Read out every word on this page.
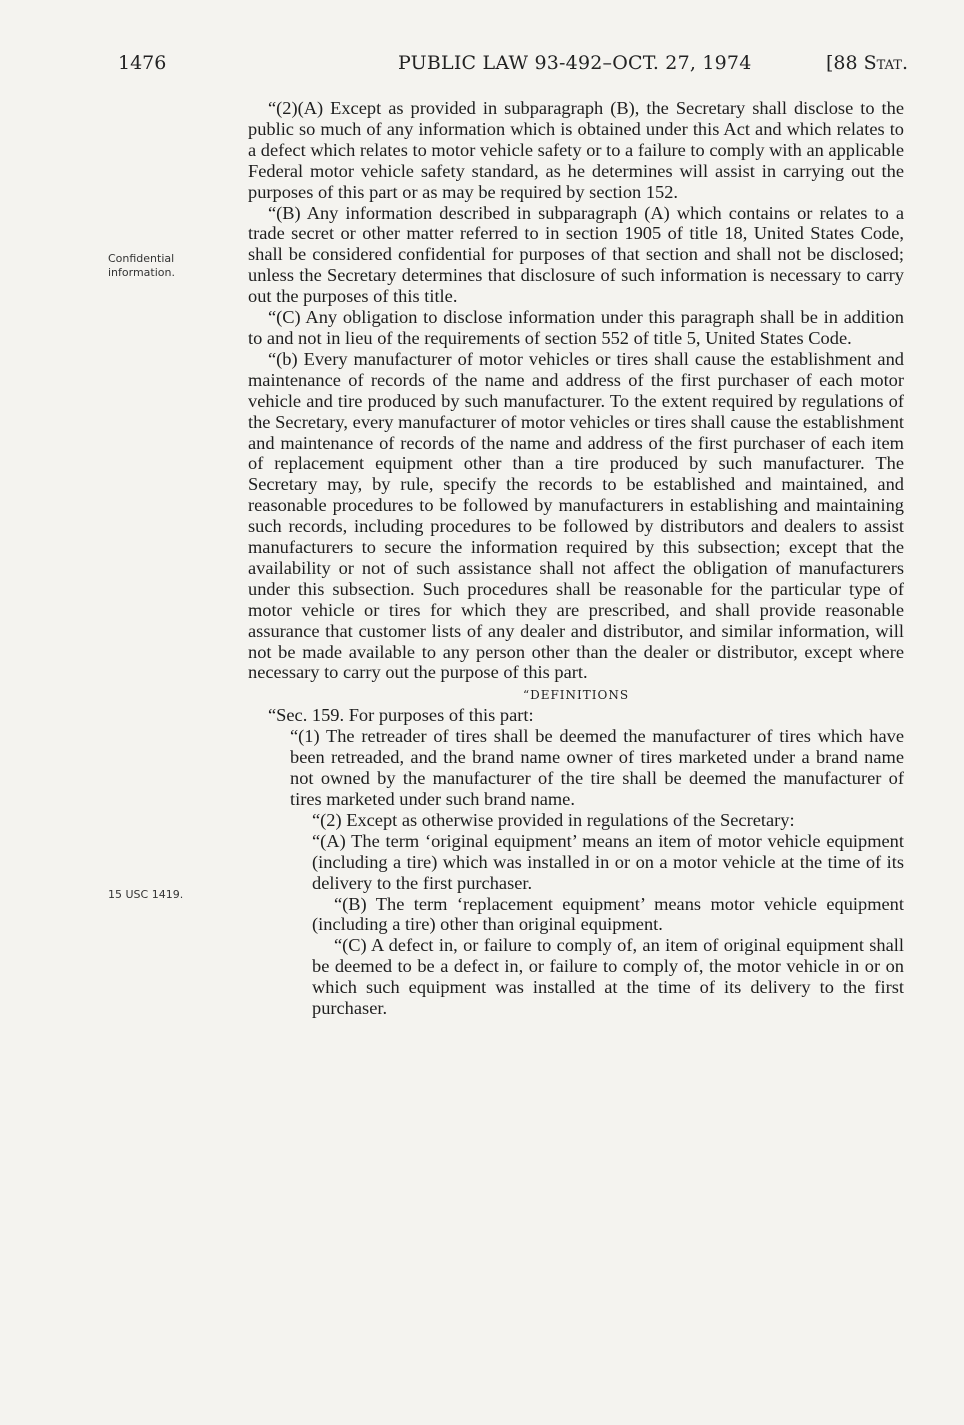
1476	PUBLIC LAW 93-492–OCT. 27, 1974	[88 Stat.
Confidential information.
15 USC 1419.

“(2)(A) Except as provided in subparagraph (B), the Secretary shall disclose to the public so much of any information which is obtained under this Act and which relates to a defect which relates to motor vehicle safety or to a failure to comply with an applicable Federal motor vehicle safety standard, as he determines will assist in carrying out the purposes of this part or as may be required by section 152.

“(B) Any information described in subparagraph (A) which contains or relates to a trade secret or other matter referred to in section 1905 of title 18, United States Code, shall be considered confidential for purposes of that section and shall not be disclosed; unless the Secretary determines that disclosure of such information is necessary to carry out the purposes of this title.

“(C) Any obligation to disclose information under this paragraph shall be in addition to and not in lieu of the requirements of section 552 of title 5, United States Code.

“(b) Every manufacturer of motor vehicles or tires shall cause the establishment and maintenance of records of the name and address of the first purchaser of each motor vehicle and tire produced by such manufacturer. To the extent required by regulations of the Secretary, every manufacturer of motor vehicles or tires shall cause the establishment and maintenance of records of the name and address of the first purchaser of each item of replacement equipment other than a tire produced by such manufacturer. The Secretary may, by rule, specify the records to be established and maintained, and reasonable procedures to be followed by manufacturers in establishing and maintaining such records, including procedures to be followed by distributors and dealers to assist manufacturers to secure the information required by this subsection; except that the availability or not of such assistance shall not affect the obligation of manufacturers under this subsection. Such procedures shall be reasonable for the particular type of motor vehicle or tires for which they are prescribed, and shall provide reasonable assurance that customer lists of any dealer and distributor, and similar information, will not be made available to any person other than the dealer or distributor, except where necessary to carry out the purpose of this part.

“DEFINITIONS

“Sec. 159. For purposes of this part:

“(1) The retreader of tires shall be deemed the manufacturer of tires which have been retreaded, and the brand name owner of tires marketed under a brand name not owned by the manufacturer of the tire shall be deemed the manufacturer of tires marketed under such brand name.

“(2) Except as otherwise provided in regulations of the Secretary:

“(A) The term ‘original equipment’ means an item of motor vehicle equipment (including a tire) which was installed in or on a motor vehicle at the time of its delivery to the first purchaser.

“(B) The term ‘replacement equipment’ means motor vehicle equipment (including a tire) other than original equipment.

“(C) A defect in, or failure to comply of, an item of original equipment shall be deemed to be a defect in, or failure to comply of, the motor vehicle in or on which such equipment was installed at the time of its delivery to the first purchaser.
